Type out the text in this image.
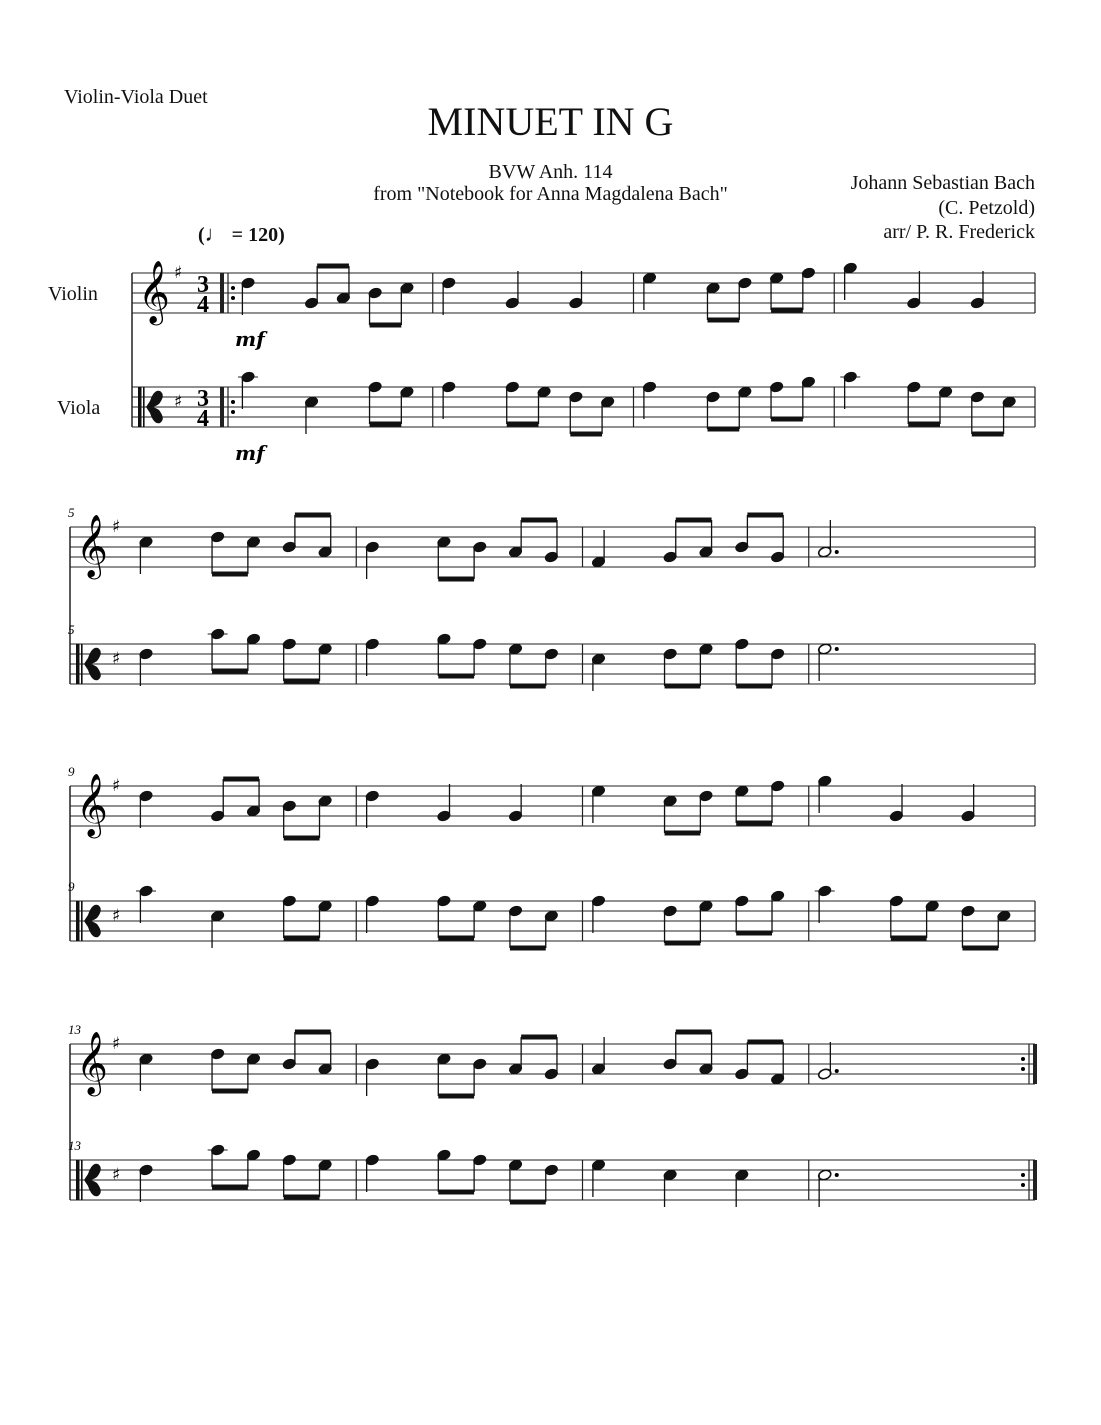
Violin-Viola Duet
MINUET IN G
BVW Anh. 114
from "Notebook for Anna Magdalena Bach"	Johann Sebastian Bach
(C. Petzold)
arr/ P. R. Frederick
(♩ = 120)
Violin
Viola
𝄞 ♯
♯
3
4
3
4
mf
mf
𝄞 ♯
♯
5
5
𝄞 ♯
♯
9
9
𝄞 ♯
♯
13
13
